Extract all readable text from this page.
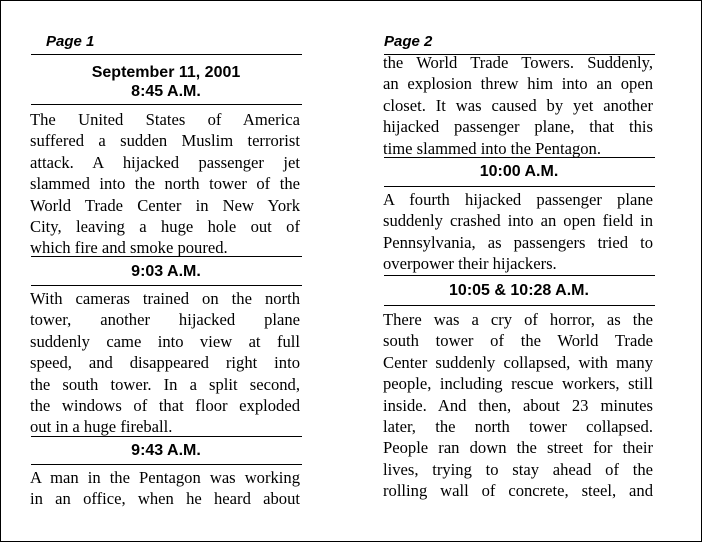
Page 1

September 11, 2001

8:45 A.M.

The United States of America
suffered a sudden Muslim terrorist
attack. A hijacked passenger jet
slammed into the north tower of the
World Trade Center in New York
City, leaving a huge hole out of
which fire and smoke poured.

9:03 A.M.

With cameras trained on the north
tower, another hijacked plane
suddenly came into view at full
speed, and disappeared right into
the south tower. In a split second,
the windows of that floor exploded
out in a huge fireball.

9:43 A.M.

A man in the Pentagon was working
in an office, when he heard about

Page 2

the World Trade Towers. Suddenly,
an explosion threw him into an open
closet. It was caused by yet another
hijacked passenger plane, that this
time slammed into the Pentagon.

10:00 A.M.

A fourth hijacked passenger plane
suddenly crashed into an open field in
Pennsylvania, as passengers tried to
overpower their hijackers.

10:05 & 10:28 A.M.

There was a cry of horror, as the
south tower of the World Trade
Center suddenly collapsed, with many
people, including rescue workers, still
inside. And then, about 23 minutes
later, the north tower collapsed.
People ran down the street for their
lives, trying to stay ahead of the
rolling wall of concrete, steel, and
